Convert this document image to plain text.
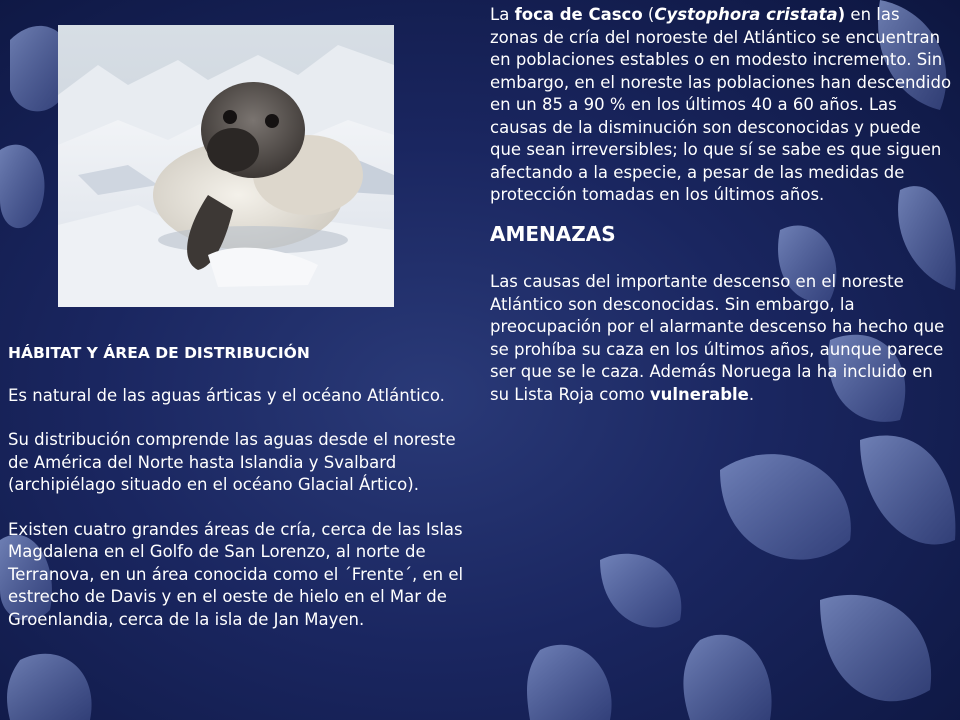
HÁBITAT Y ÁREA DE DISTRIBUCIÓN

Es natural de las aguas árticas y el océano Atlántico.

Su distribución comprende las aguas desde el noreste de América del Norte hasta Islandia y Svalbard (archipiélago situado en el océano Glacial Ártico).

Existen cuatro grandes áreas de cría, cerca de las Islas Magdalena en el Golfo de San Lorenzo, al norte de Terranova, en un área conocida como el ´Frente´, en el estrecho de Davis y en el oeste de hielo en el Mar de Groenlandia, cerca de la isla de Jan Mayen.

La foca de Casco (Cystophora cristata) en las zonas de cría del noroeste del Atlántico se encuentran en poblaciones estables o en modesto incremento. Sin embargo, en el noreste las poblaciones han descendido en un 85 a 90 % en los últimos 40 a 60 años. Las causas de la disminución son desconocidas y puede que sean irreversibles; lo que sí se sabe es que siguen afectando a la especie, a pesar de las medidas de protección tomadas en los últimos años.

AMENAZAS

Las causas del importante descenso en el noreste Atlántico son desconocidas. Sin embargo, la preocupación por el alarmante descenso ha hecho que se prohíba su caza en los últimos años, aunque parece ser que se le caza. Además Noruega la ha incluido en su Lista Roja como vulnerable.
